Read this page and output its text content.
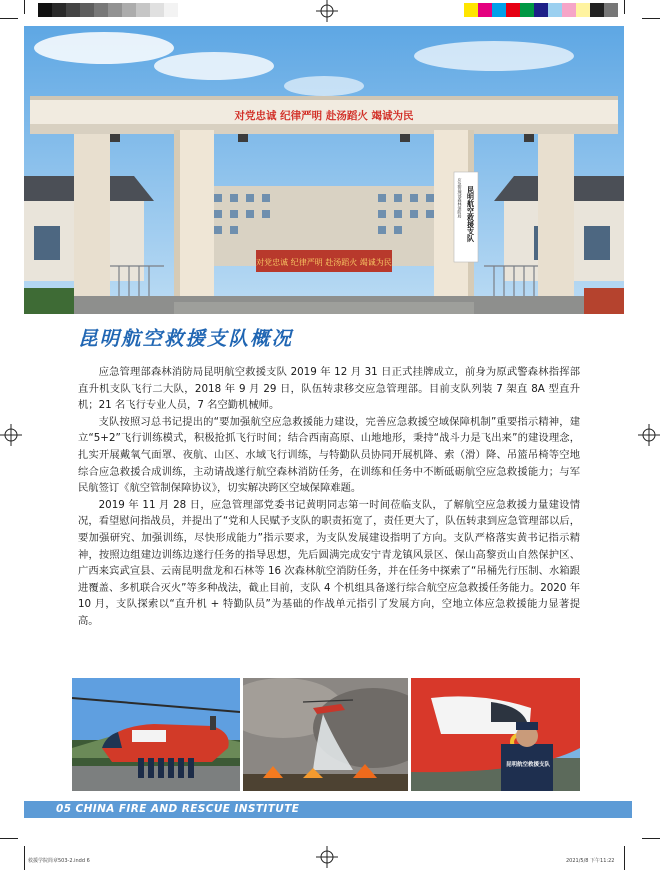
对党忠诚 纪律严明 赴汤蹈火 竭诚为民
应急管理部森林消防局 昆明航空救援支队
对党忠诚 纪律严明 赴汤蹈火 竭诚为民
昆明航空救援支队概况

应急管理部森林消防局昆明航空救援支队 2019 年 12 月 31 日正式挂牌成立，前身为原武警森林指挥部直升机支队飞行二大队，2018 年 9 月 29 日，队伍转隶移交应急管理部。目前支队列装 7 架直 8A 型直升机；21 名飞行专业人员，7 名空勤机械师。

支队按照习总书记提出的“要加强航空应急救援能力建设，完善应急救援空域保障机制”重要指示精神，建立“5+2”飞行训练模式，积极抢抓飞行时间；结合西南高原、山地地形，秉持“战斗力是飞出来”的建设理念，扎实开展戴氧气面罩、夜航、山区、水域飞行训练，与特勤队员协同开展机降、索（滑）降、吊篮吊椅等空地综合应急救援合成训练，主动请战遂行航空森林消防任务，在训练和任务中不断砥砺航空应急救援能力；与军民航签订《航空管制保障协议》，切实解决跨区空域保障难题。

2019 年 11 月 28 日，应急管理部党委书记黄明同志第一时间莅临支队，了解航空应急救援力量建设情况，看望慰问指战员，并提出了“党和人民赋予支队的职责拓宽了，责任更大了，队伍转隶到应急管理部以后，要加强研究、加强训练，尽快形成能力”指示要求，为支队发展建设指明了方向。支队严格落实黄书记指示精神，按照边组建边训练边遂行任务的指导思想，先后圆满完成安宁青龙镇风景区、保山高黎贡山自然保护区、广西来宾武宣县、云南昆明盘龙和石林等 16 次森林航空消防任务，并在任务中探索了“吊桶先行压制、水箱跟进覆盖、多机联合灭火”等多种战法，截止目前，支队 4 个机组具备遂行综合航空应急救援任务能力。2020 年 10 月，支队探索以“直升机 + 特勤队员”为基础的作战单元指引了发展方向，空地立体应急救援能力显著提高。

昆明航空救援支队
05 CHINA FIRE AND RESCUE INSTITUTE
救援学院简章503-2.indd 6	2021/5/8 下午11:22
